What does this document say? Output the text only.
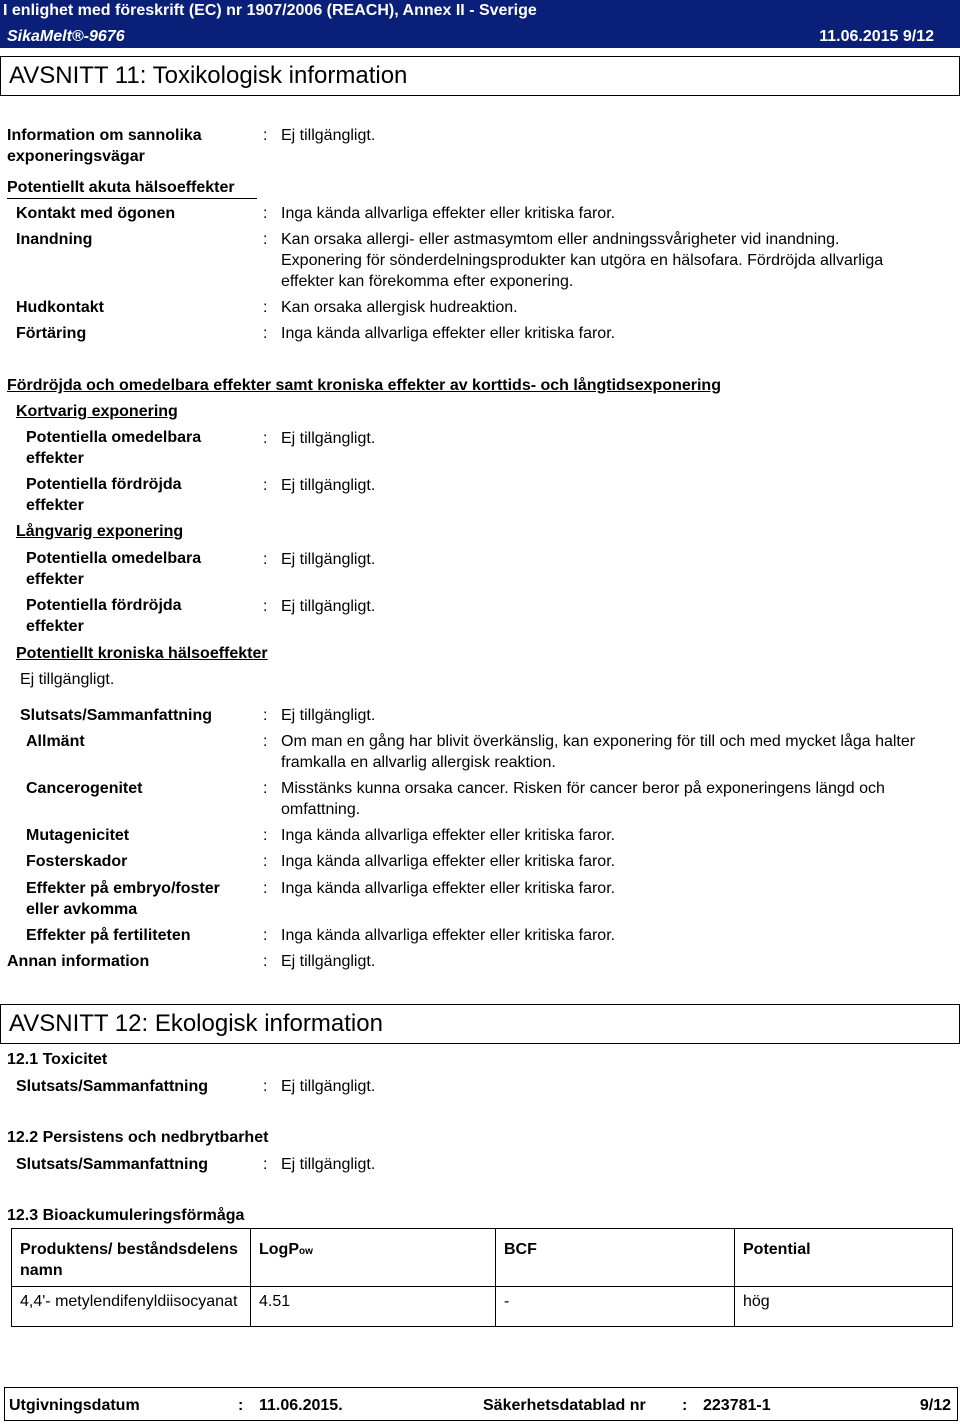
I enlighet med föreskrift (EC) nr 1907/2006 (REACH), Annex II - Sverige
SikaMelt®-9676	11.06.2015 9/12
AVSNITT 11: Toxikologisk information
Information om sannolika exponeringsvägar
: Ej tillgängligt.
Potentiellt akuta hälsoeffekter
Kontakt med ögonen	: Inga kända allvarliga effekter eller kritiska faror.
Inandning	: Kan orsaka allergi- eller astmasymtom eller andningssvårigheter vid inandning. Exponering för sönderdelningsprodukter kan utgöra en hälsofara. Fördröjda allvarliga effekter kan förekomma efter exponering.
Hudkontakt	: Kan orsaka allergisk hudreaktion.
Förtäring	: Inga kända allvarliga effekter eller kritiska faror.
Fördröjda och omedelbara effekter samt kroniska effekter av korttids- och långtidsexponering
Kortvarig exponering
Potentiella omedelbara effekter
: Ej tillgängligt.
Potentiella fördröjda effekter
: Ej tillgängligt.
Långvarig exponering
Potentiella omedelbara effekter
: Ej tillgängligt.
Potentiella fördröjda effekter
: Ej tillgängligt.
Potentiellt kroniska hälsoeffekter
Ej tillgängligt.
Slutsats/Sammanfattning	: Ej tillgängligt.
Allmänt	: Om man en gång har blivit överkänslig, kan exponering för till och med mycket låga halter framkalla en allvarlig allergisk reaktion.
Cancerogenitet	: Misstänks kunna orsaka cancer. Risken för cancer beror på exponeringens längd och omfattning.
Mutagenicitet	: Inga kända allvarliga effekter eller kritiska faror.
Fosterskador	: Inga kända allvarliga effekter eller kritiska faror.
Effekter på embryo/foster eller avkomma
: Inga kända allvarliga effekter eller kritiska faror.
Effekter på fertiliteten	: Inga kända allvarliga effekter eller kritiska faror.
Annan information	: Ej tillgängligt.
AVSNITT 12: Ekologisk information
12.1 Toxicitet
Slutsats/Sammanfattning	: Ej tillgängligt.
12.2 Persistens och nedbrytbarhet
Slutsats/Sammanfattning	: Ej tillgängligt.
12.3 Bioackumuleringsförmåga
Produktens/ beståndsdelens namn	LogPow	BCF	Potential
4,4'- metylendifenyldiisocyanat	4.51	-	hög
Utgivningsdatum	: 11.06.2015.	Säkerhetsdatablad nr : 223781-1	9/12
